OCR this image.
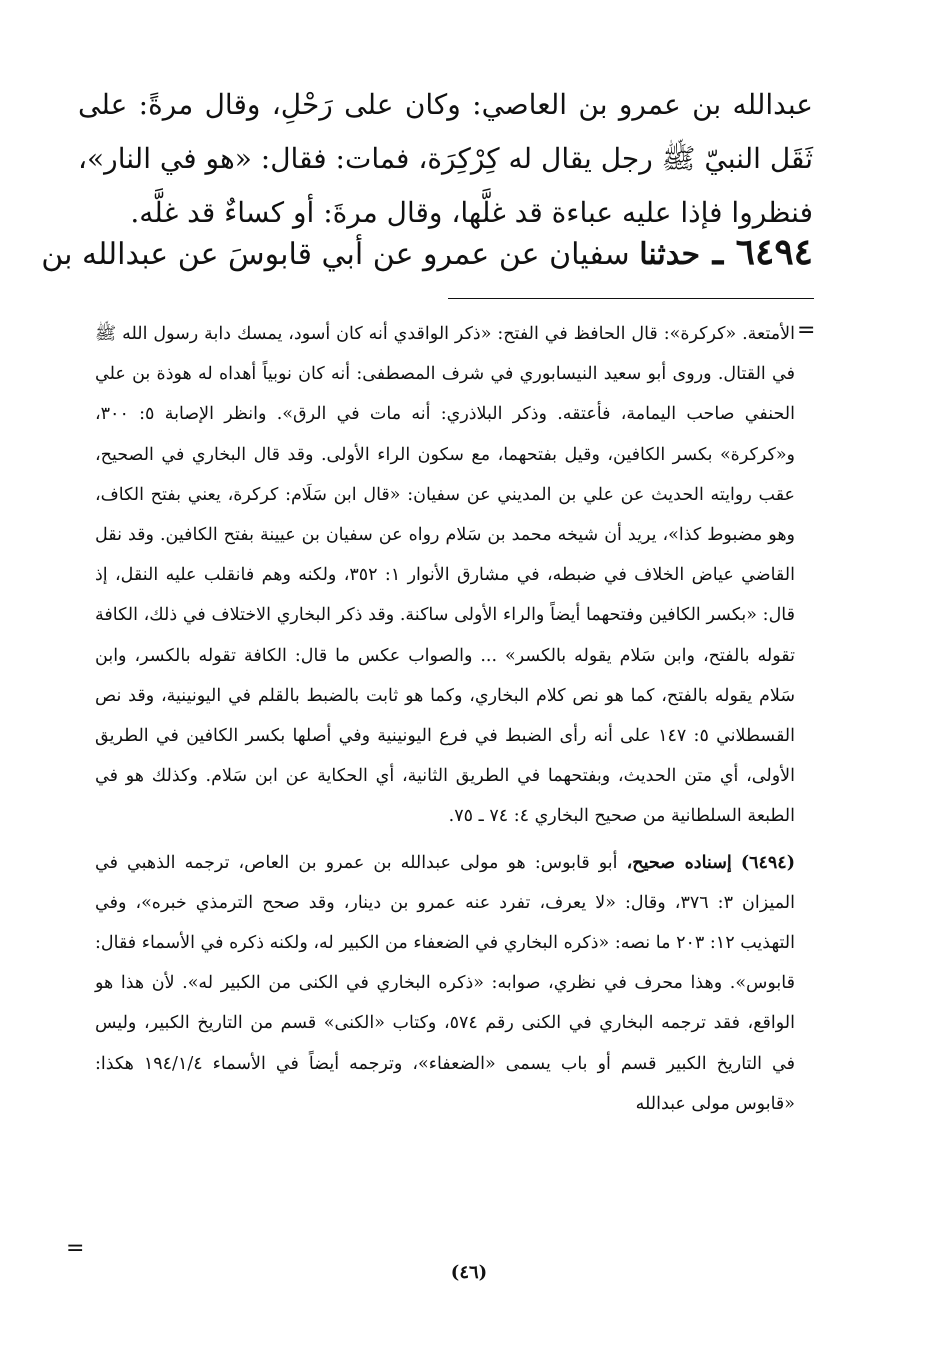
عبدالله بن عمرو بن العاصي: وكان على رَحْلِ، وقال مرةً: على ثَقَل النبيّ ﷺ رجل يقال له كِرْكِرَة، فمات: فقال: «هو في النار»، فنظروا فإذا عليه عباءة قد غلَّها، وقال مرةَ: أو كساءٌ قد غلَّه.

٦٤٩٤ ـ حدثنا سفيان عن عمرو عن أبي قابوسَ عن عبدالله بن
=

الأمتعة. «كركرة»: قال الحافظ في الفتح: «ذكر الواقدي أنه كان أسود، يمسك دابة رسول الله ﷺ في القتال. وروى أبو سعيد النيسابوري في شرف المصطفى: أنه كان نوبياً أهداه له هوذة بن علي الحنفي صاحب اليمامة، فأعتقه. وذكر البلاذري: أنه مات في الرق». وانظر الإصابة ٥: ٣٠٠، و«كركرة» بكسر الكافين، وقيل بفتحهما، مع سكون الراء الأولى. وقد قال البخاري في الصحيح، عقب روايته الحديث عن علي بن المديني عن سفيان: «قال ابن سَلَام: كركرة، يعني بفتح الكاف، وهو مضبوط كذا»، يريد أن شيخه محمد بن سَلام رواه عن سفيان بن عيينة بفتح الكافين. وقد نقل القاضي عياض الخلاف في ضبطه، في مشارق الأنوار ١: ٣٥٢، ولكنه وهم فانقلب عليه النقل، إذ قال: «بكسر الكافين وفتحهما أيضاً والراء الأولى ساكنة. وقد ذكر البخاري الاختلاف في ذلك، الكافة تقوله بالفتح، وابن سَلام يقوله بالكسر» ... والصواب عكس ما قال: الكافة تقوله بالكسر، وابن سَلام يقوله بالفتح، كما هو نص كلام البخاري، وكما هو ثابت بالضبط بالقلم في اليونينية، وقد نص القسطلاني ٥: ١٤٧ على أنه رأى الضبط في فرع اليونينية وفي أصلها بكسر الكافين في الطريق الأولى، أي متن الحديث، وبفتحهما في الطريق الثانية، أي الحكاية عن ابن سَلام. وكذلك هو في الطبعة السلطانية من صحيح البخاري ٤: ٧٤ ـ ٧٥.

(٦٤٩٤) إسناده صحيح، أبو قابوس: هو مولى عبدالله بن عمرو بن العاص، ترجمه الذهبي في الميزان ٣: ٣٧٦، وقال: «لا يعرف، تفرد عنه عمرو بن دينار، وقد صحح الترمذي خبره»، وفي التهذيب ١٢: ٢٠٣ ما نصه: «ذكره البخاري في الضعفاء من الكبير له، ولكنه ذكره في الأسماء فقال: قابوس». وهذا محرف في نظري، صوابه: «ذكره البخاري في الكنى من الكبير له». لأن هذا هو الواقع، فقد ترجمه البخاري في الكنى رقم ٥٧٤، وكتاب «الكنى» قسم من التاريخ الكبير، وليس في التاريخ الكبير قسم أو باب يسمى «الضعفاء»، وترجمه أيضاً في الأسماء ١٩٤/١/٤ هكذا: «قابوس مولى عبدالله

=
(٤٦)
